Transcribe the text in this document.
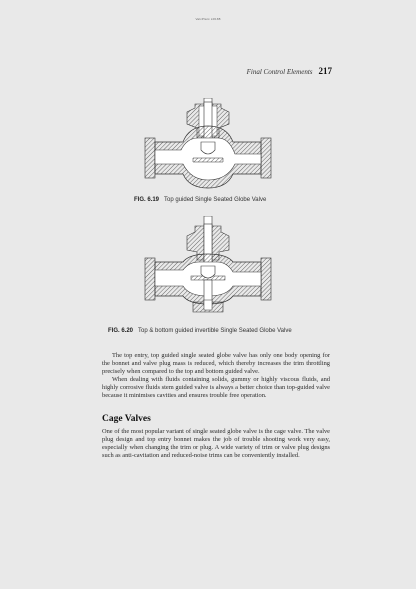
ValvPlant LR188
Final Control Elements 217
FIG. 6.19 Top guided Single Seated Globe Valve
FIG. 6.20 Top & bottom guided invertible Single Seated Globe Valve

The top entry, top guided single seated globe valve has only one body opening for the bonnet and valve plug mass is reduced, which thereby increases the trim throttling precisely when compared to the top and bottom guided valve.

When dealing with fluids containing solids, gummy or highly viscous fluids, and highly corrosive fluids stem guided valve is always a better choice than top-guided valve because it minimises cavities and ensures trouble free operation.

Cage Valves

One of the most popular variant of single seated globe valve is the cage valve. The valve plug design and top entry bonnet makes the job of trouble shooting work very easy, especially when changing the trim or plug. A wide variety of trim or valve plug designs such as anti-cavitation and reduced-noise trims can be conveniently installed.
